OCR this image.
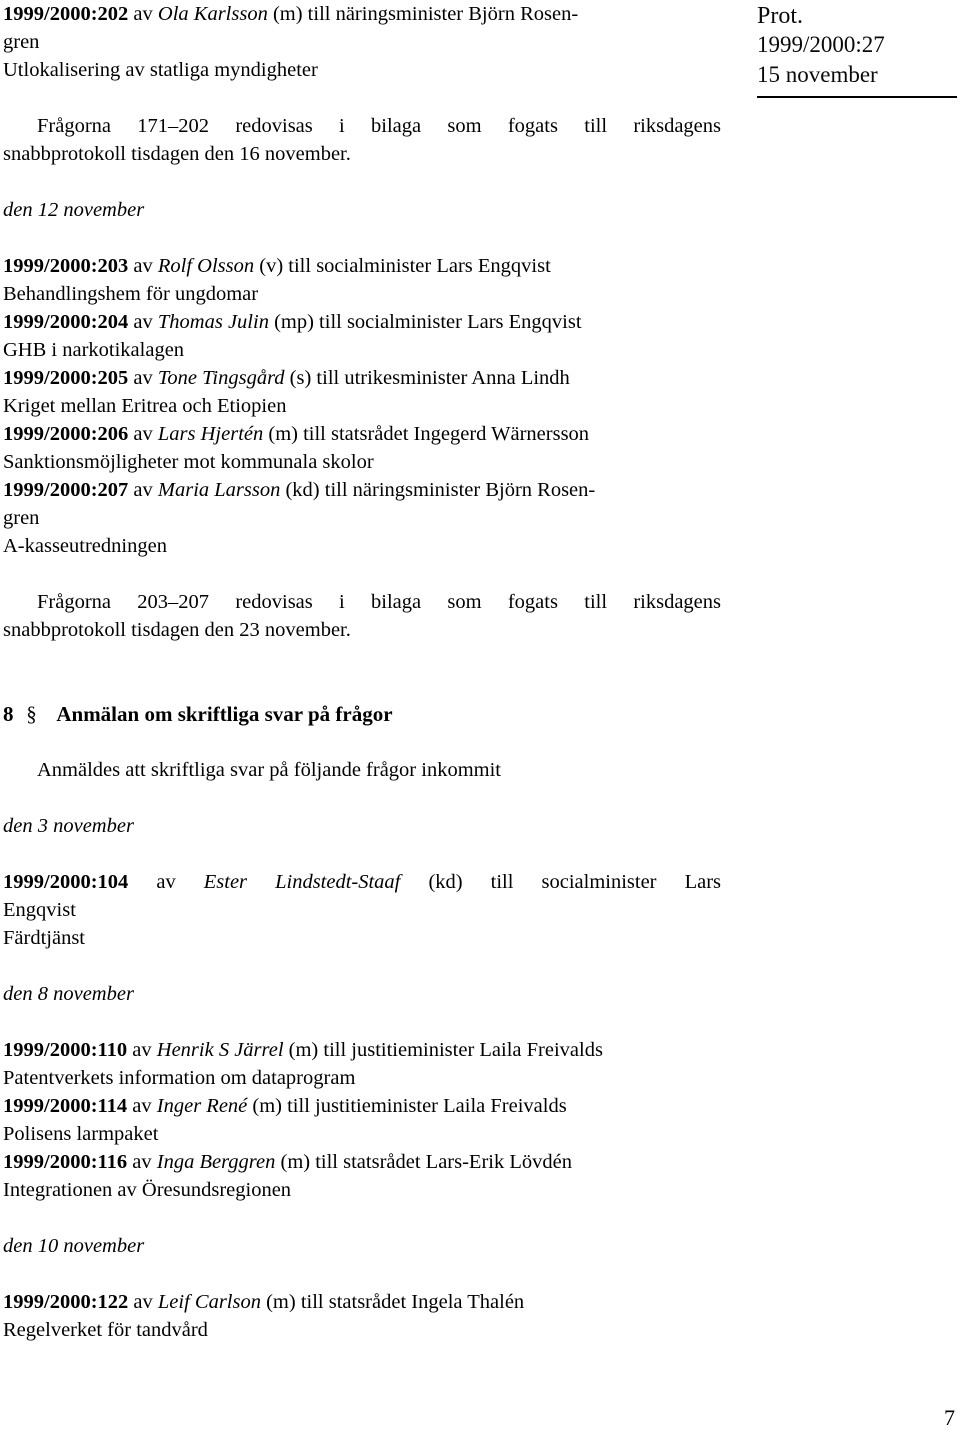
Prot.
1999/2000:27
15 november
1999/2000:202 av Ola Karlsson (m) till näringsminister Björn Rosen-
gren
Utlokalisering av statliga myndigheter
Frågorna 171–202 redovisas i bilaga som fogats till riksdagens
snabbprotokoll tisdagen den 16 november.
den 12 november
1999/2000:203 av Rolf Olsson (v) till socialminister Lars Engqvist
Behandlingshem för ungdomar
1999/2000:204 av Thomas Julin (mp) till socialminister Lars Engqvist
GHB i narkotikalagen
1999/2000:205 av Tone Tingsgård (s) till utrikesminister Anna Lindh
Kriget mellan Eritrea och Etiopien
1999/2000:206 av Lars Hjertén (m) till statsrådet Ingegerd Wärnersson
Sanktionsmöjligheter mot kommunala skolor
1999/2000:207 av Maria Larsson (kd) till näringsminister Björn Rosen-
gren
A-kasseutredningen
Frågorna 203–207 redovisas i bilaga som fogats till riksdagens
snabbprotokoll tisdagen den 23 november.
8 § Anmälan om skriftliga svar på frågor
Anmäldes att skriftliga svar på följande frågor inkommit
den 3 november
1999/2000:104 av Ester Lindstedt-Staaf (kd) till socialminister Lars
Engqvist
Färdtjänst
den 8 november
1999/2000:110 av Henrik S Järrel (m) till justitieminister Laila Freivalds
Patentverkets information om dataprogram
1999/2000:114 av Inger René (m) till justitieminister Laila Freivalds
Polisens larmpaket
1999/2000:116 av Inga Berggren (m) till statsrådet Lars-Erik Lövdén
Integrationen av Öresundsregionen
den 10 november
1999/2000:122 av Leif Carlson (m) till statsrådet Ingela Thalén
Regelverket för tandvård
7
